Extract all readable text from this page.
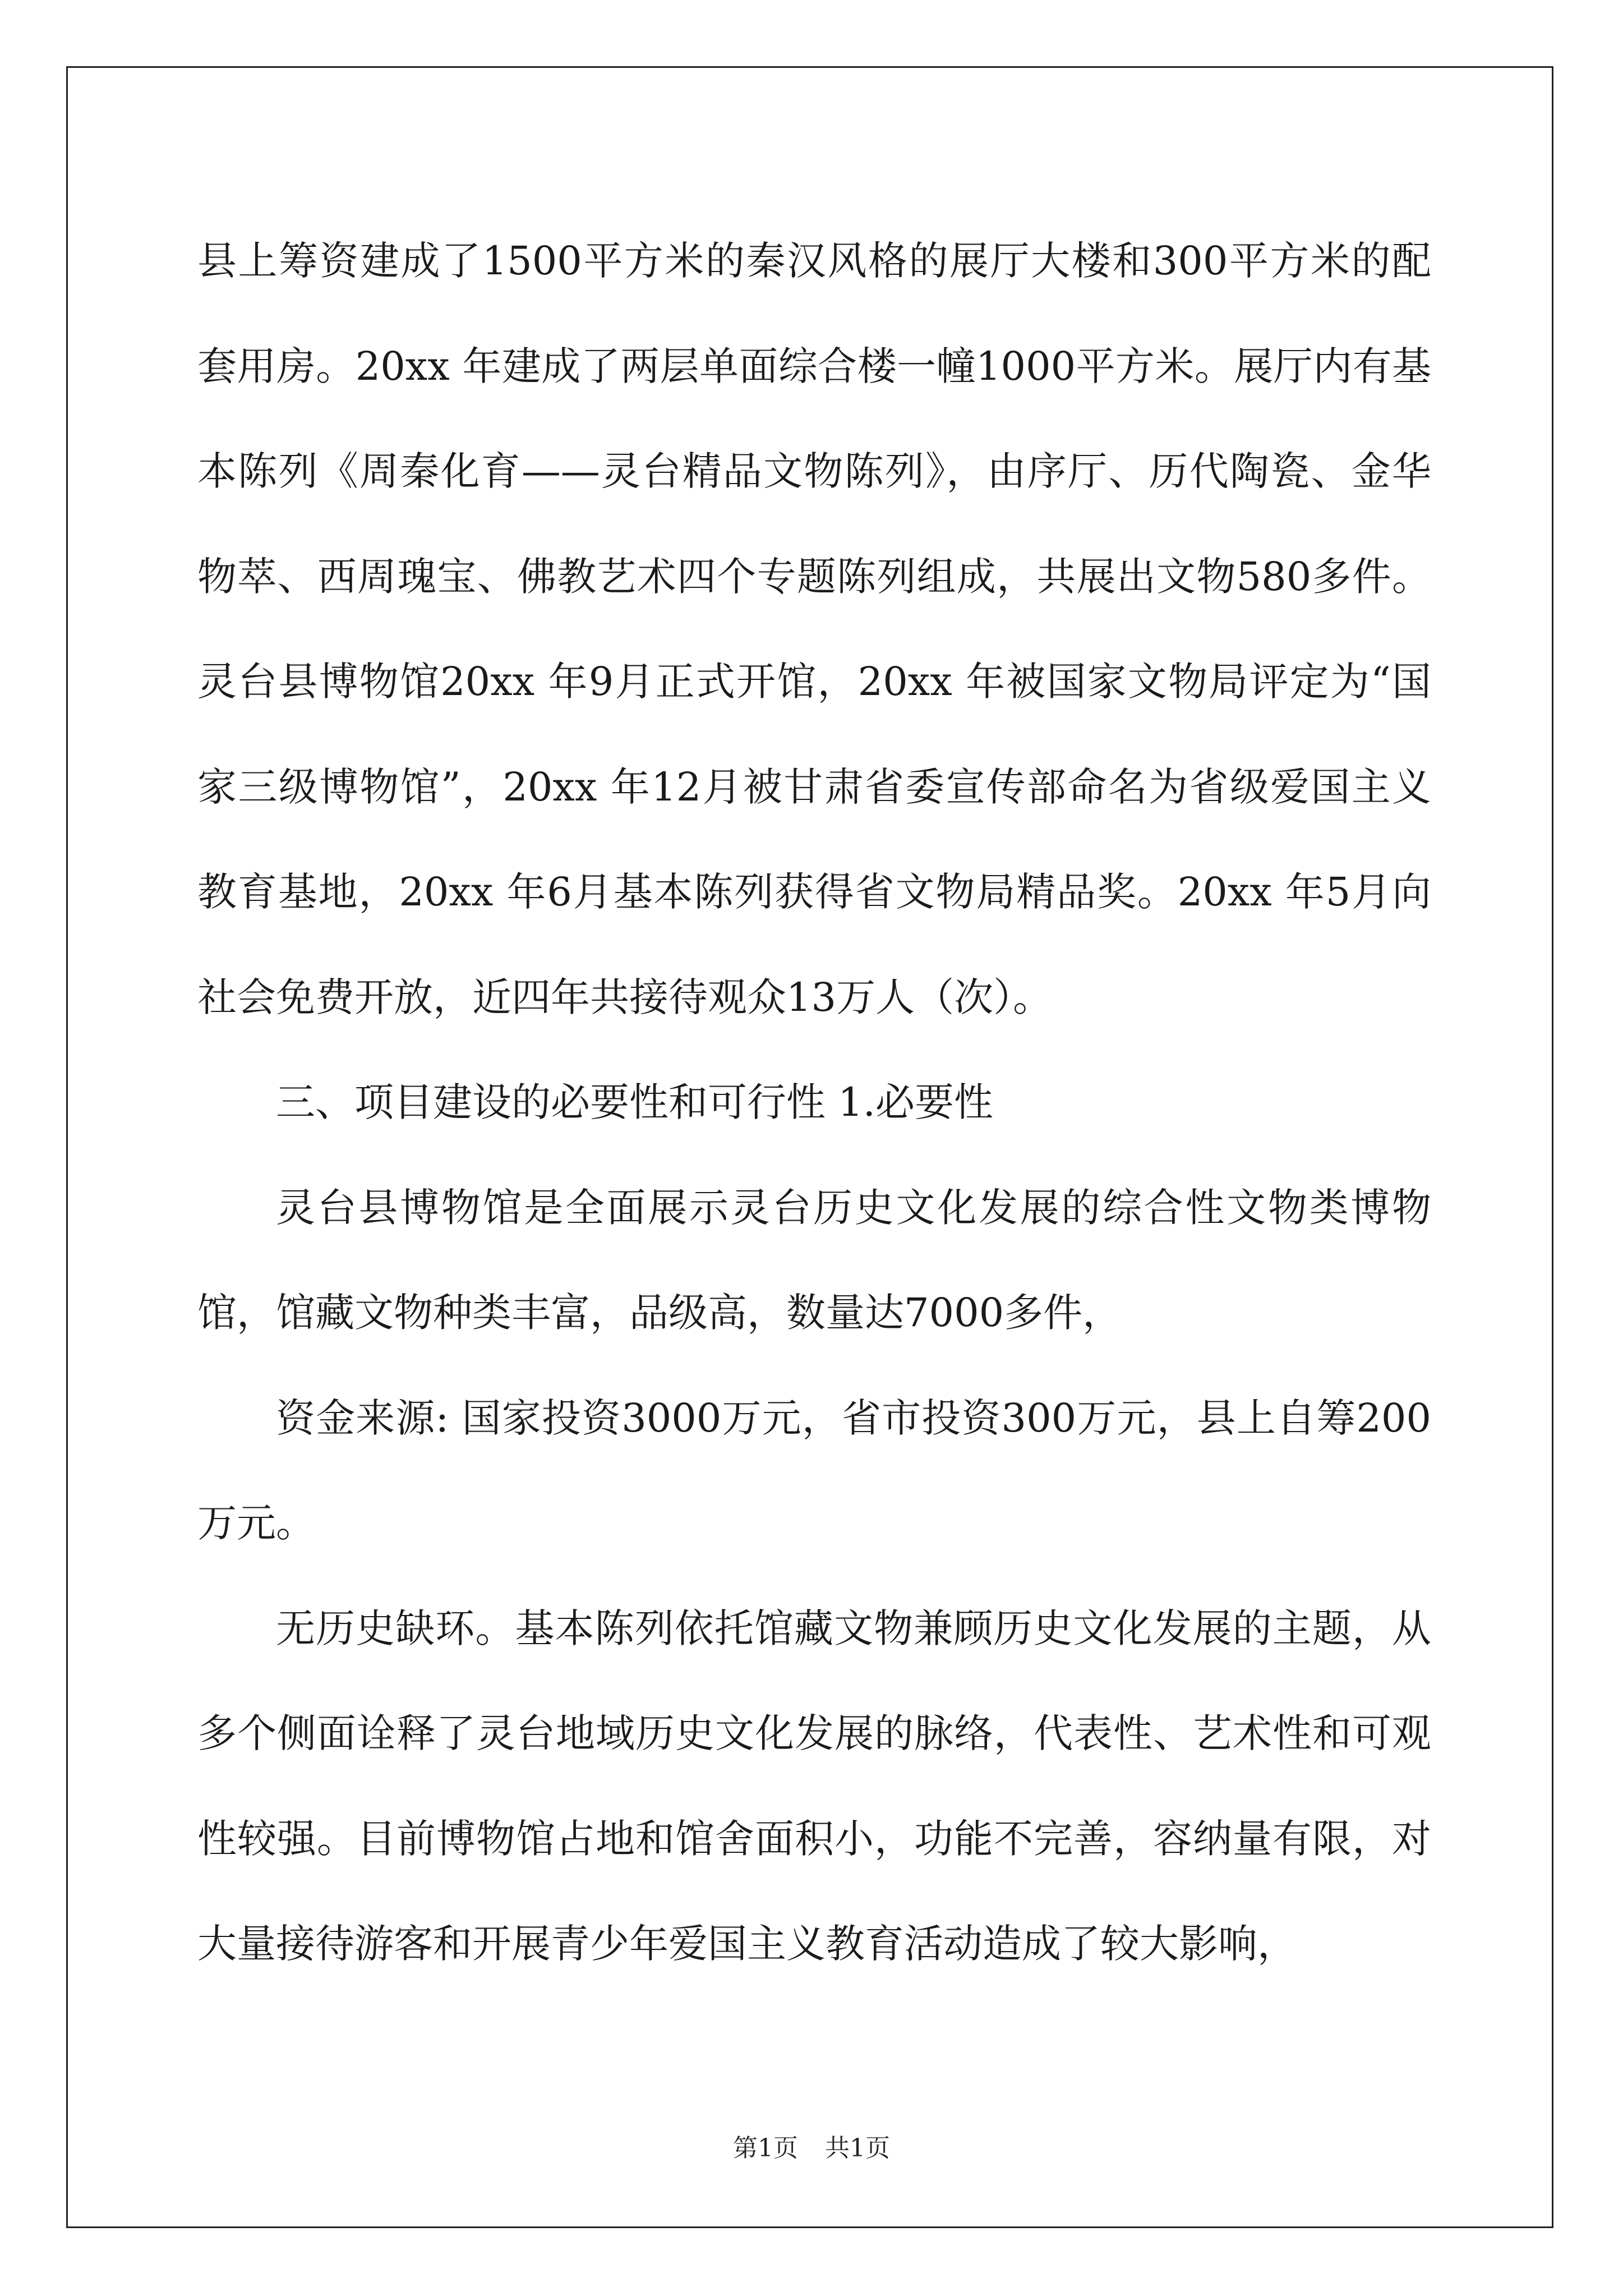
县上筹资建成了1500平方米的秦汉风格的展厅大楼和300平方米的配套用房。20xx 年建成了两层单面综合楼一幢1000平方米。展厅内有基本陈列《周秦化育——灵台精品文物陈列》，由序厅、历代陶瓷、金华物萃、西周瑰宝、佛教艺术四个专题陈列组成，共展出文物580多件。灵台县博物馆20xx 年9月正式开馆，20xx 年被国家文物局评定为“国家三级博物馆”，20xx 年12月被甘肃省委宣传部命名为省级爱国主义教育基地，20xx 年6月基本陈列获得省文物局精品奖。20xx 年5月向社会免费开放，近四年共接待观众13万人（次）。

三、项目建设的必要性和可行性 1.必要性

灵台县博物馆是全面展示灵台历史文化发展的综合性文物类博物馆，馆藏文物种类丰富，品级高，数量达7000多件，

资金来源: 国家投资3000万元，省市投资300万元，县上自筹200万元。

无历史缺环。基本陈列依托馆藏文物兼顾历史文化发展的主题，从多个侧面诠释了灵台地域历史文化发展的脉络，代表性、艺术性和可观性较强。目前博物馆占地和馆舍面积小，功能不完善，容纳量有限，对大量接待游客和开展青少年爱国主义教育活动造成了较大影响，

第1页 共1页
